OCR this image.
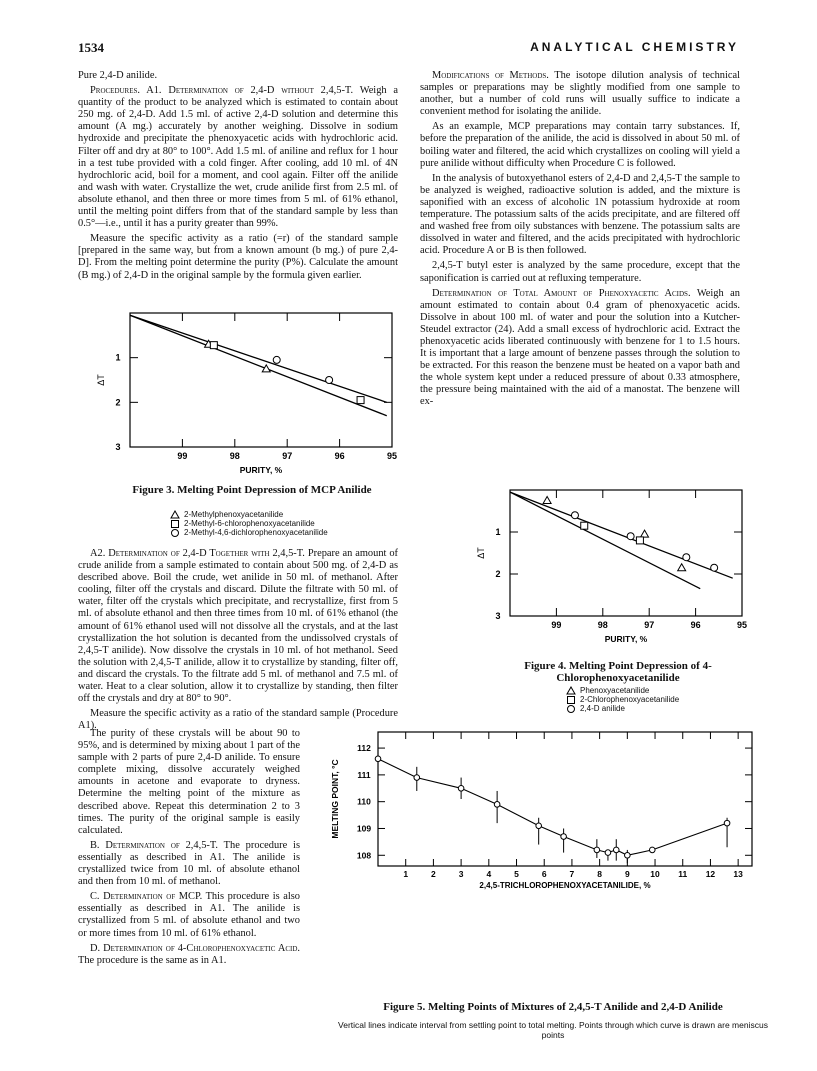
1534	ANALYTICAL CHEMISTRY

Pure 2,4-D anilide.

Procedures. A1. Determination of 2,4-D without 2,4,5-T. Weigh a quantity of the product to be analyzed which is estimated to contain about 250 mg. of 2,4-D. Add 1.5 ml. of active 2,4-D solution and determine this amount (A mg.) accurately by another weighing. Dissolve in sodium hydroxide and precipitate the phenoxyacetic acids with hydrochloric acid. Filter off and dry at 80° to 100°. Add 1.5 ml. of aniline and reflux for 1 hour in a test tube provided with a cold finger. After cooling, add 10 ml. of 4N hydrochloric acid, boil for a moment, and cool again. Filter off the anilide and wash with water. Crystallize the wet, crude anilide first from 2.5 ml. of absolute ethanol, and then three or more times from 5 ml. of 61% ethanol, until the melting point differs from that of the standard sample by less than 0.5°—i.e., until it has a purity greater than 99%.

Measure the specific activity as a ratio (=r) of the standard sample [prepared in the same way, but from a known amount (b mg.) of pure 2,4-D]. From the melting point determine the purity (P%). Calculate the amount (B mg.) of 2,4-D in the original sample by the formula given earlier.

99	98	97	96	95
1
2
3
PURITY, %
ΔT
Figure 3. Melting Point Depression of MCP Anilide
2-Methylphenoxyacetanilide
2-Methyl-6-chlorophenoxyacetanilide
2-Methyl-4,6-dichlorophenoxyacetanilide

A2. Determination of 2,4-D Together with 2,4,5-T. Prepare an amount of crude anilide from a sample estimated to contain about 500 mg. of 2,4-D as described above. Boil the crude, wet anilide in 50 ml. of methanol. After cooling, filter off the crystals and discard. Dilute the filtrate with 50 ml. of water, filter off the crystals which precipitate, and recrystallize, first from 5 ml. of absolute ethanol and then three times from 10 ml. of 61% ethanol (the amount of 61% ethanol used will not dissolve all the crystals, and at the last crystallization the hot solution is decanted from the undissolved crystals of 2,4,5-T anilide). Now dissolve the crystals in 10 ml. of hot methanol. Seed the solution with 2,4,5-T anilide, allow it to crystallize by standing, filter off, and discard the crystals. To the filtrate add 5 ml. of methanol and 7.5 ml. of water. Heat to a clear solution, allow it to crystallize by standing, then filter off the crystals and dry at 80° to 90°.

Measure the specific activity as a ratio of the standard sample (Procedure A1).

The purity of these crystals will be about 90 to 95%, and is determined by mixing about 1 part of the sample with 2 parts of pure 2,4-D anilide. To ensure complete mixing, dissolve accurately weighed amounts in acetone and evaporate to dryness. Determine the melting point of the mixture as described above. Repeat this determination 2 to 3 times. The purity of the original sample is easily calculated.

B. Determination of 2,4,5-T. The procedure is essentially as described in A1. The anilide is crystallized twice from 10 ml. of absolute ethanol and then from 10 ml. of methanol.

C. Determination of MCP. This procedure is also essentially as described in A1. The anilide is crystallized from 5 ml. of absolute ethanol and two or more times from 10 ml. of 61% ethanol.

D. Determination of 4-Chlorophenoxyacetic Acid. The procedure is the same as in A1.

Modifications of Methods. The isotope dilution analysis of technical samples or preparations may be slightly modified from one sample to another, but a number of cold runs will usually suffice to indicate a convenient method for isolating the anilide.

As an example, MCP preparations may contain tarry substances. If, before the preparation of the anilide, the acid is dissolved in about 50 ml. of boiling water and filtered, the acid which crystallizes on cooling will yield a pure anilide without difficulty when Procedure C is followed.

In the analysis of butoxyethanol esters of 2,4-D and 2,4,5-T the sample to be analyzed is weighed, radioactive solution is added, and the mixture is saponified with an excess of alcoholic 1N potassium hydroxide at room temperature. The potassium salts of the acids precipitate, and are filtered off and washed free from oily substances with benzene. The potassium salts are dissolved in water and filtered, and the acids precipitated with hydrochloric acid. Procedure A or B is then followed.

2,4,5-T butyl ester is analyzed by the same procedure, except that the saponification is carried out at refluxing temperature.

Determination of Total Amount of Phenoxyacetic Acids. Weigh an amount estimated to contain about 0.4 gram of phenoxyacetic acids. Dissolve in about 100 ml. of water and pour the solution into a Kutcher-Steudel extractor (24). Add a small excess of hydrochloric acid. Extract the phenoxyacetic acids liberated continuously with benzene for 1 to 1.5 hours. It is important that a large amount of benzene passes through the solution to be extracted. For this reason the benzene must be heated on a vapor bath and the whole system kept under a reduced pressure of about 0.33 atmosphere, the pressure being maintained with the aid of a manostat. The benzene will ex-

99	98	97	96	95
1
2
3
PURITY, %
ΔT
Figure 4. Melting Point Depression of 4-Chlorophenoxyacetanilide
Phenoxyacetanilide
2-Chlorophenoxyacetanilide
2,4-D anilide
1	2	3	4	5	6	7	8	9 10 11 12 13
108
109
110
111
112
2,4,5-TRICHLOROPHENOXYACETANILIDE, %
MELTING POINT, °C
Figure 5. Melting Points of Mixtures of 2,4,5-T Anilide and 2,4-D Anilide
Vertical lines indicate interval from settling point to total melting. Points through which curve is drawn are meniscus points
